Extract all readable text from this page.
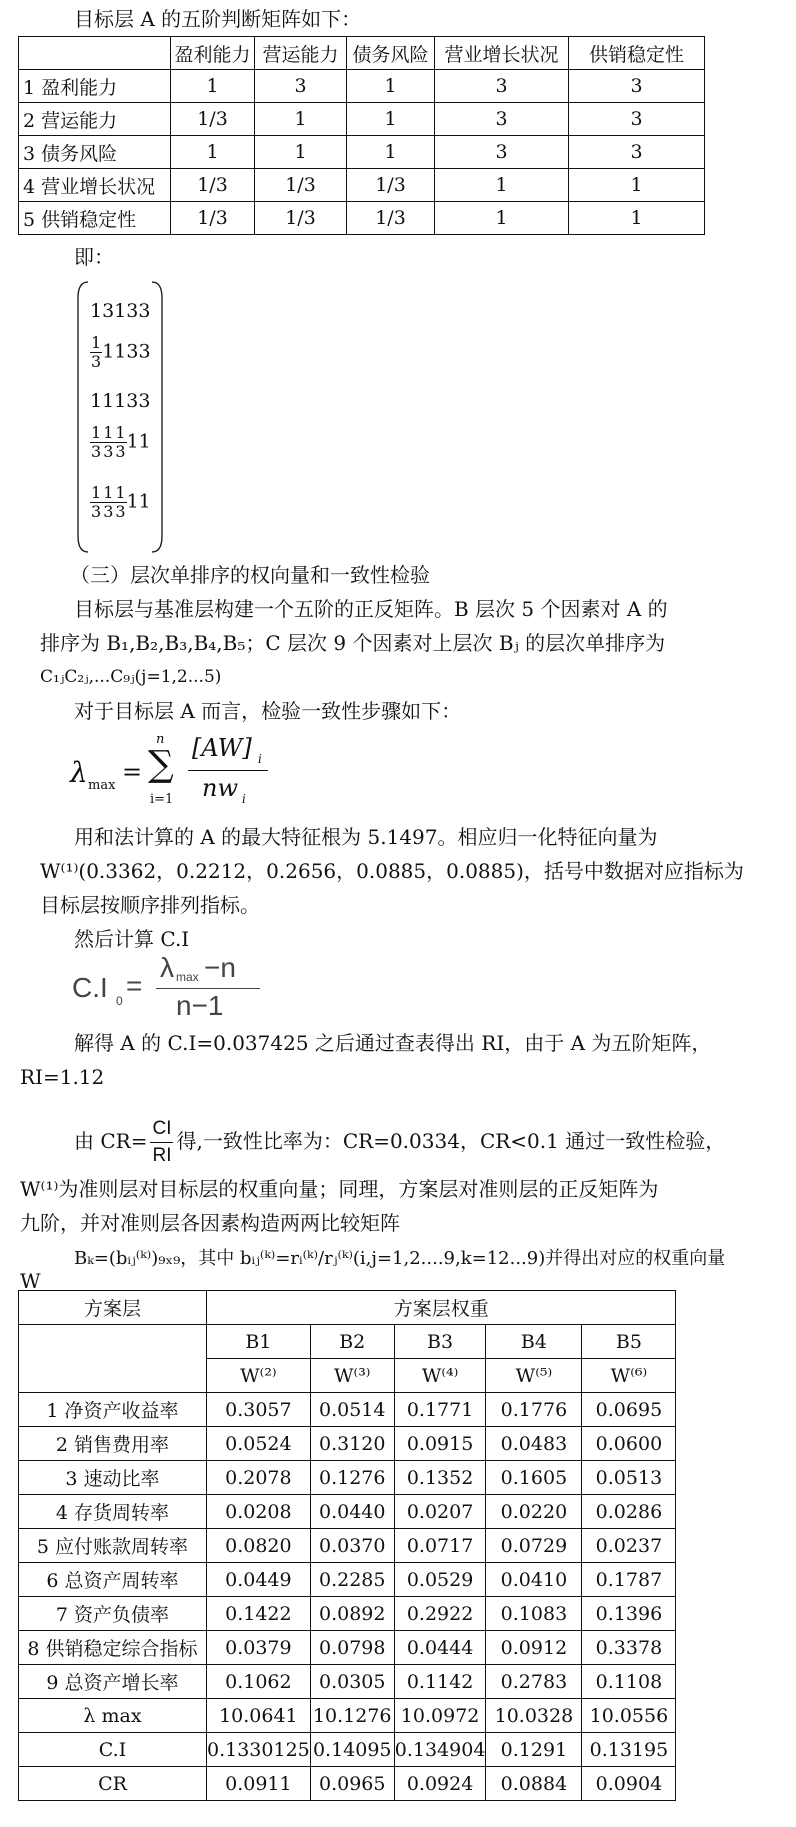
目标层 A 的五阶判断矩阵如下：
	盈利能力	营运能力	债务风险	营业增长状况	供销稳定性
1 盈利能力	1	3	1	3	3
2 营运能力	1/3	1	1	3	3
3 债务风险	1	1	1	3	3
4 营业增长状况	1/3	1/3	1/3	1	1
5 供销稳定性	1/3	1/3	1/3	1	1
即：
13133
$\frac{1}{3} 1133$
11133
$\frac{1}{3} \frac{1}{3} \frac{1}{3} 11$
$\frac{1}{3} \frac{1}{3} \frac{1}{3} 11$
（三）层次单排序的权向量和一致性检验
目标层与基准层构建一个五阶的正反矩阵。B 层次 5 个因素对 A 的
排序为 B₁,B₂,B₃,B₄,B₅；C 层次 9 个因素对上层次 Bⱼ 的层次单排序为
C₁ⱼC₂ⱼ,...C₉ⱼ(j=1,2...5)
对于目标层 A 而言，检验一致性步骤如下：
λ max =
n
∑
i=1
[AW] i
nw i
用和法计算的 A 的最大特征根为 5.1497。相应归一化特征向量为
W⁽¹⁾(0.3362，0.2212，0.2656，0.0885，0.0885)，括号中数据对应指标为
目标层按顺序排列指标。
然后计算 C.I
C.I 0 =
λ max −n
n−1
解得 A 的 C.I=0.037425 之后通过查表得出 RI，由于 A 为五阶矩阵，
RI=1.12
由 $CR= \frac{CI}{RI}$ 得,一致性比率为：CR=0.0334，CR<0.1 通过一致性检验，
W⁽¹⁾为准则层对目标层的权重向量；同理，方案层对准则层的正反矩阵为
九阶，并对准则层各因素构造两两比较矩阵
Bₖ=(bᵢⱼ⁽ᵏ⁾)₉ₓ₉，其中 bᵢⱼ⁽ᵏ⁾=rᵢ⁽ᵏ⁾/rⱼ⁽ᵏ⁾(i,j=1,2....9,k=12...9)并得出对应的权重向量
W
方案层	方案层权重				
	B1	B2	B3	B4	B5
	W⁽²⁾	W⁽³⁾	W⁽⁴⁾	W⁽⁵⁾	W⁽⁶⁾
1 净资产收益率	0.3057	0.0514	0.1771	0.1776	0.0695
2 销售费用率	0.0524	0.3120	0.0915	0.0483	0.0600
3 速动比率	0.2078	0.1276	0.1352	0.1605	0.0513
4 存货周转率	0.0208	0.0440	0.0207	0.0220	0.0286
5 应付账款周转率	0.0820	0.0370	0.0717	0.0729	0.0237
6 总资产周转率	0.0449	0.2285	0.0529	0.0410	0.1787
7 资产负债率	0.1422	0.0892	0.2922	0.1083	0.1396
8 供销稳定综合指标	0.0379	0.0798	0.0444	0.0912	0.3378
9 总资产增长率	0.1062	0.0305	0.1142	0.2783	0.1108
λ max	10.0641	10.1276	10.0972	10.0328	10.0556
C.I	0.1330125	0.14095	0.134904	0.1291	0.13195
CR	0.0911	0.0965	0.0924	0.0884	0.0904
